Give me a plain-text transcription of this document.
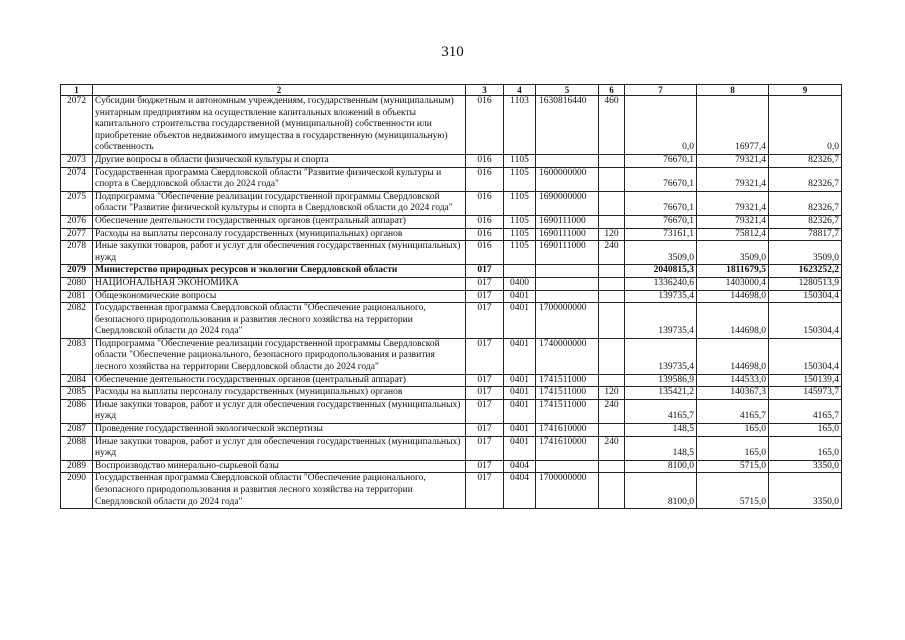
310
1	2	3	4	5	6	7	8	9
2072	Субсидии бюджетным и автономным учреждениям, государственным (муниципальным) унитарным предприятиям на осуществление капитальных вложений в объекты капитального строительства государственной (муниципальной) собственности или приобретение объектов недвижимого имущества в государственную (муниципальную) собственность	016	1103	1630816440	460	0,0	16977,4	0,0
2073	Другие вопросы в области физической культуры и спорта	016	1105			76670,1	79321,4	82326,7
2074	Государственная программа Свердловской области "Развитие физической культуры и спорта в Свердловской области до 2024 года"	016	1105	1600000000		76670,1	79321,4	82326,7
2075	Подпрограмма "Обеспечение реализации государственной программы Свердловской области "Развитие физической культуры и спорта в Свердловской области до 2024 года"	016	1105	1690000000		76670,1	79321,4	82326,7
2076	Обеспечение деятельности государственных органов (центральный аппарат)	016	1105	1690111000		76670,1	79321,4	82326,7
2077	Расходы на выплаты персоналу государственных (муниципальных) органов	016	1105	1690111000	120	73161,1	75812,4	78817,7
2078	Иные закупки товаров, работ и услуг для обеспечения государственных (муниципальных) нужд	016	1105	1690111000	240	3509,0	3509,0	3509,0
2079	Министерство природных ресурсов и экологии Свердловской области	017				2040815,3	1811679,5	1623252,2
2080	НАЦИОНАЛЬНАЯ ЭКОНОМИКА	017	0400			1336240,6	1403000,4	1280513,9
2081	Общеэкономические вопросы	017	0401			139735,4	144698,0	150304,4
2082	Государственная программа Свердловской области "Обеспечение рационального, безопасного природопользования и развития лесного хозяйства на территории Свердловской области до 2024 года"	017	0401	1700000000		139735,4	144698,0	150304,4
2083	Подпрограмма "Обеспечение реализации государственной программы Свердловской области "Обеспечение рационального, безопасного природопользования и развития лесного хозяйства на территории Свердловской области до 2024 года"	017	0401	1740000000		139735,4	144698,0	150304,4
2084	Обеспечение деятельности государственных органов (центральный аппарат)	017	0401	1741511000		139586,9	144533,0	150139,4
2085	Расходы на выплаты персоналу государственных (муниципальных) органов	017	0401	1741511000	120	135421,2	140367,3	145973,7
2086	Иные закупки товаров, работ и услуг для обеспечения государственных (муниципальных) нужд	017	0401	1741511000	240	4165,7	4165,7	4165,7
2087	Проведение государственной экологической экспертизы	017	0401	1741610000		148,5	165,0	165,0
2088	Иные закупки товаров, работ и услуг для обеспечения государственных (муниципальных) нужд	017	0401	1741610000	240	148,5	165,0	165,0
2089	Воспроизводство минерально-сырьевой базы	017	0404			8100,0	5715,0	3350,0
2090	Государственная программа Свердловской области "Обеспечение рационального, безопасного природопользования и развития лесного хозяйства на территории Свердловской области до 2024 года"	017	0404	1700000000		8100,0	5715,0	3350,0
